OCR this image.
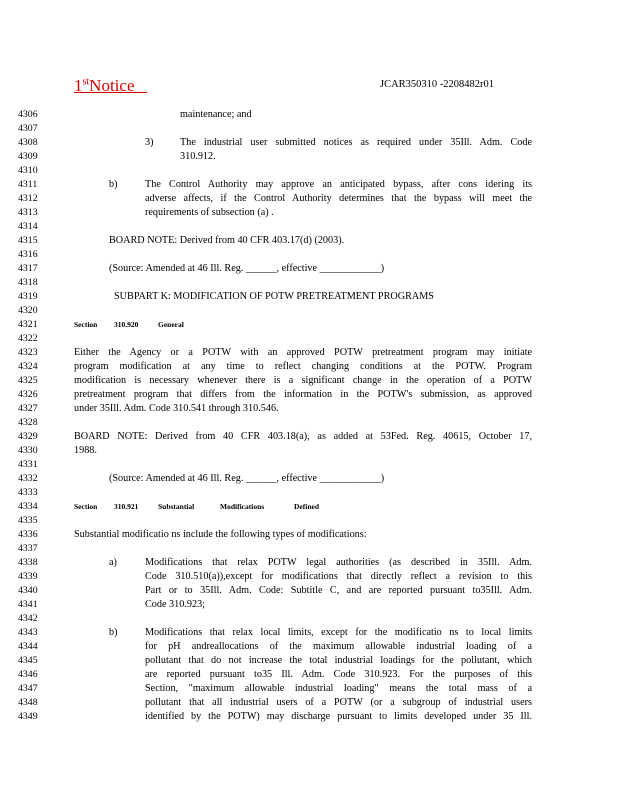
1stNotice	JCAR350310 -2208482r01
4306
4307
4308
4309
4310
4311
4312
4313
4314
4315
4316
4317
4318
4319
4320
4321
4322
4323
4324
4325
4326
4327
4328
4329
4330
4331
4332
4333
4334
4335
4336
4337
4338
4339
4340
4341
4342
4343
4344
4345
4346
4347
4348
4349
maintenance; and
3)	The industrial user submitted notices as required under 35Ill. Adm. Code
310.912.
b)	The Control Authority may approve an anticipated bypass, after cons idering its
adverse affects, if the Control Authority determines that the bypass will meet the
requirements of subsection (a) .
BOARD NOTE: Derived from 40 CFR 403.17(d) (2003).
(Source: Amended at 46 Ill. Reg. ______, effective ____________)
SUBPART K: MODIFICATION OF POTW PRETREATMENT PROGRAMS
Section 310.920	General
Either the Agency or a POTW with an approved POTW pretreatment program may initiate
program modification at any time to reflect changing conditions at the POTW. Program
modification is necessary whenever there is a significant change in the operation of a POTW
pretreatment program that differs from the information in the POTW's submission, as approved
under 35Ill. Adm. Code 310.541 through 310.546.
BOARD NOTE: Derived from 40 CFR 403.18(a), as added at 53Fed. Reg. 40615, October 17,
1988.
(Source: Amended at 46 Ill. Reg. ______, effective ____________)
Section 310.921	Substantial	Modifications	Defined
Substantial modificatio ns include the following types of modifications:
a)	Modifications that relax POTW legal authorities (as described in 35Ill. Adm.
Code 310.510(a)),except for modifications that directly reflect a revision to this
Part or to 35Ill. Adm. Code: Subtitle C, and are reported pursuant to35Ill. Adm.
Code 310.923;
b)	Modifications that relax local limits, except for the modificatio ns to local limits
for pH andreallocations of the maximum allowable industrial loading of a
pollutant that do not increase the total industrial loadings for the pollutant, which
are reported pursuant to35 Ill. Adm. Code 310.923. For the purposes of this
Section, "maximum allowable industrial loading" means the total mass of a
pollutant that all industrial users of a POTW (or a subgroup of industrial users
identified by the POTW) may discharge pursuant to limits developed under 35 Ill.
